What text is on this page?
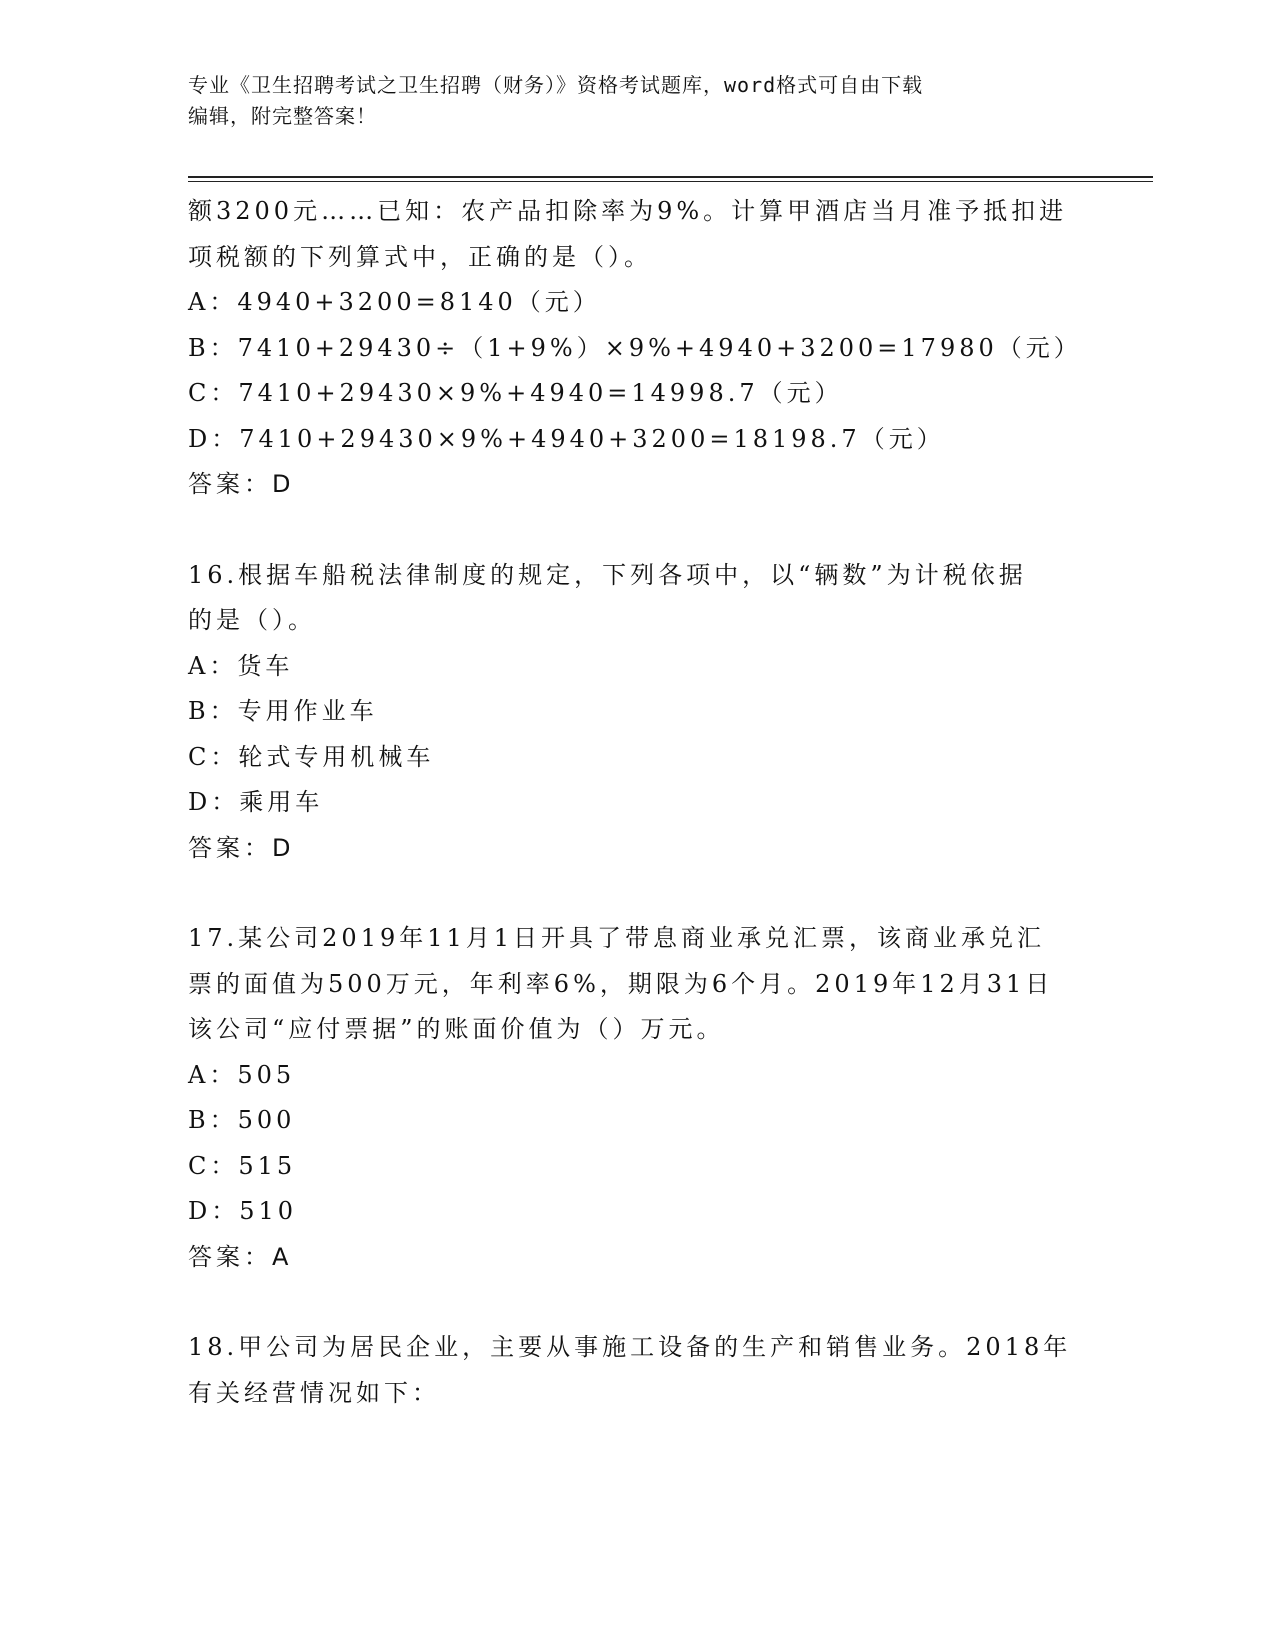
专业《卫生招聘考试之卫生招聘（财务）》资格考试题库，word格式可自由下载
编辑，附完整答案！
额3200元……已知：农产品扣除率为9%。计算甲酒店当月准予抵扣进
项税额的下列算式中，正确的是（）。
A：4940+3200=8140（元）
B：7410+29430÷（1+9%）×9%+4940+3200=17980（元）
C：7410+29430×9%+4940=14998.7（元）
D：7410+29430×9%+4940+3200=18198.7（元）
答案：D
16.根据车船税法律制度的规定，下列各项中，以“辆数”为计税依据
的是（）。
A：货车
B：专用作业车
C：轮式专用机械车
D：乘用车
答案：D
17.某公司2019年11月1日开具了带息商业承兑汇票，该商业承兑汇
票的面值为500万元，年利率6%，期限为6个月。2019年12月31日
该公司“应付票据”的账面价值为（）万元。
A：505
B：500
C：515
D：510
答案：A
18.甲公司为居民企业，主要从事施工设备的生产和销售业务。2018年
有关经营情况如下：
